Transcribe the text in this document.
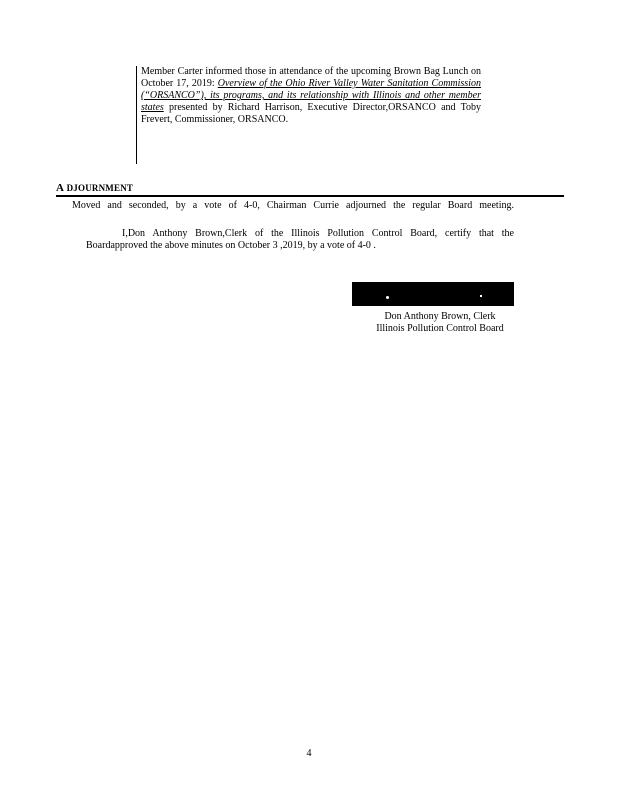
Member Carter informed those in attendance of the upcoming Brown Bag Lunch on October 17, 2019: Overview of the Ohio River Valley Water Sanitation Commission (“ORSANCO”), its programs, and its relationship with Illinois and other member states presented by Richard Harrison, Executive Director,ORSANCO and Toby Frevert, Commissioner, ORSANCO.

A DJOURNMENT
Moved and seconded, by a vote of 4-0, Chairman Currie adjourned the regular Board meeting.
I,Don Anthony Brown,Clerk of the Illinois Pollution Control Board, certify that the
Boardapproved the above minutes on October 3 ,2019, by a vote of 4-0 .
Don Anthony Brown, Clerk
Illinois Pollution Control Board
4
